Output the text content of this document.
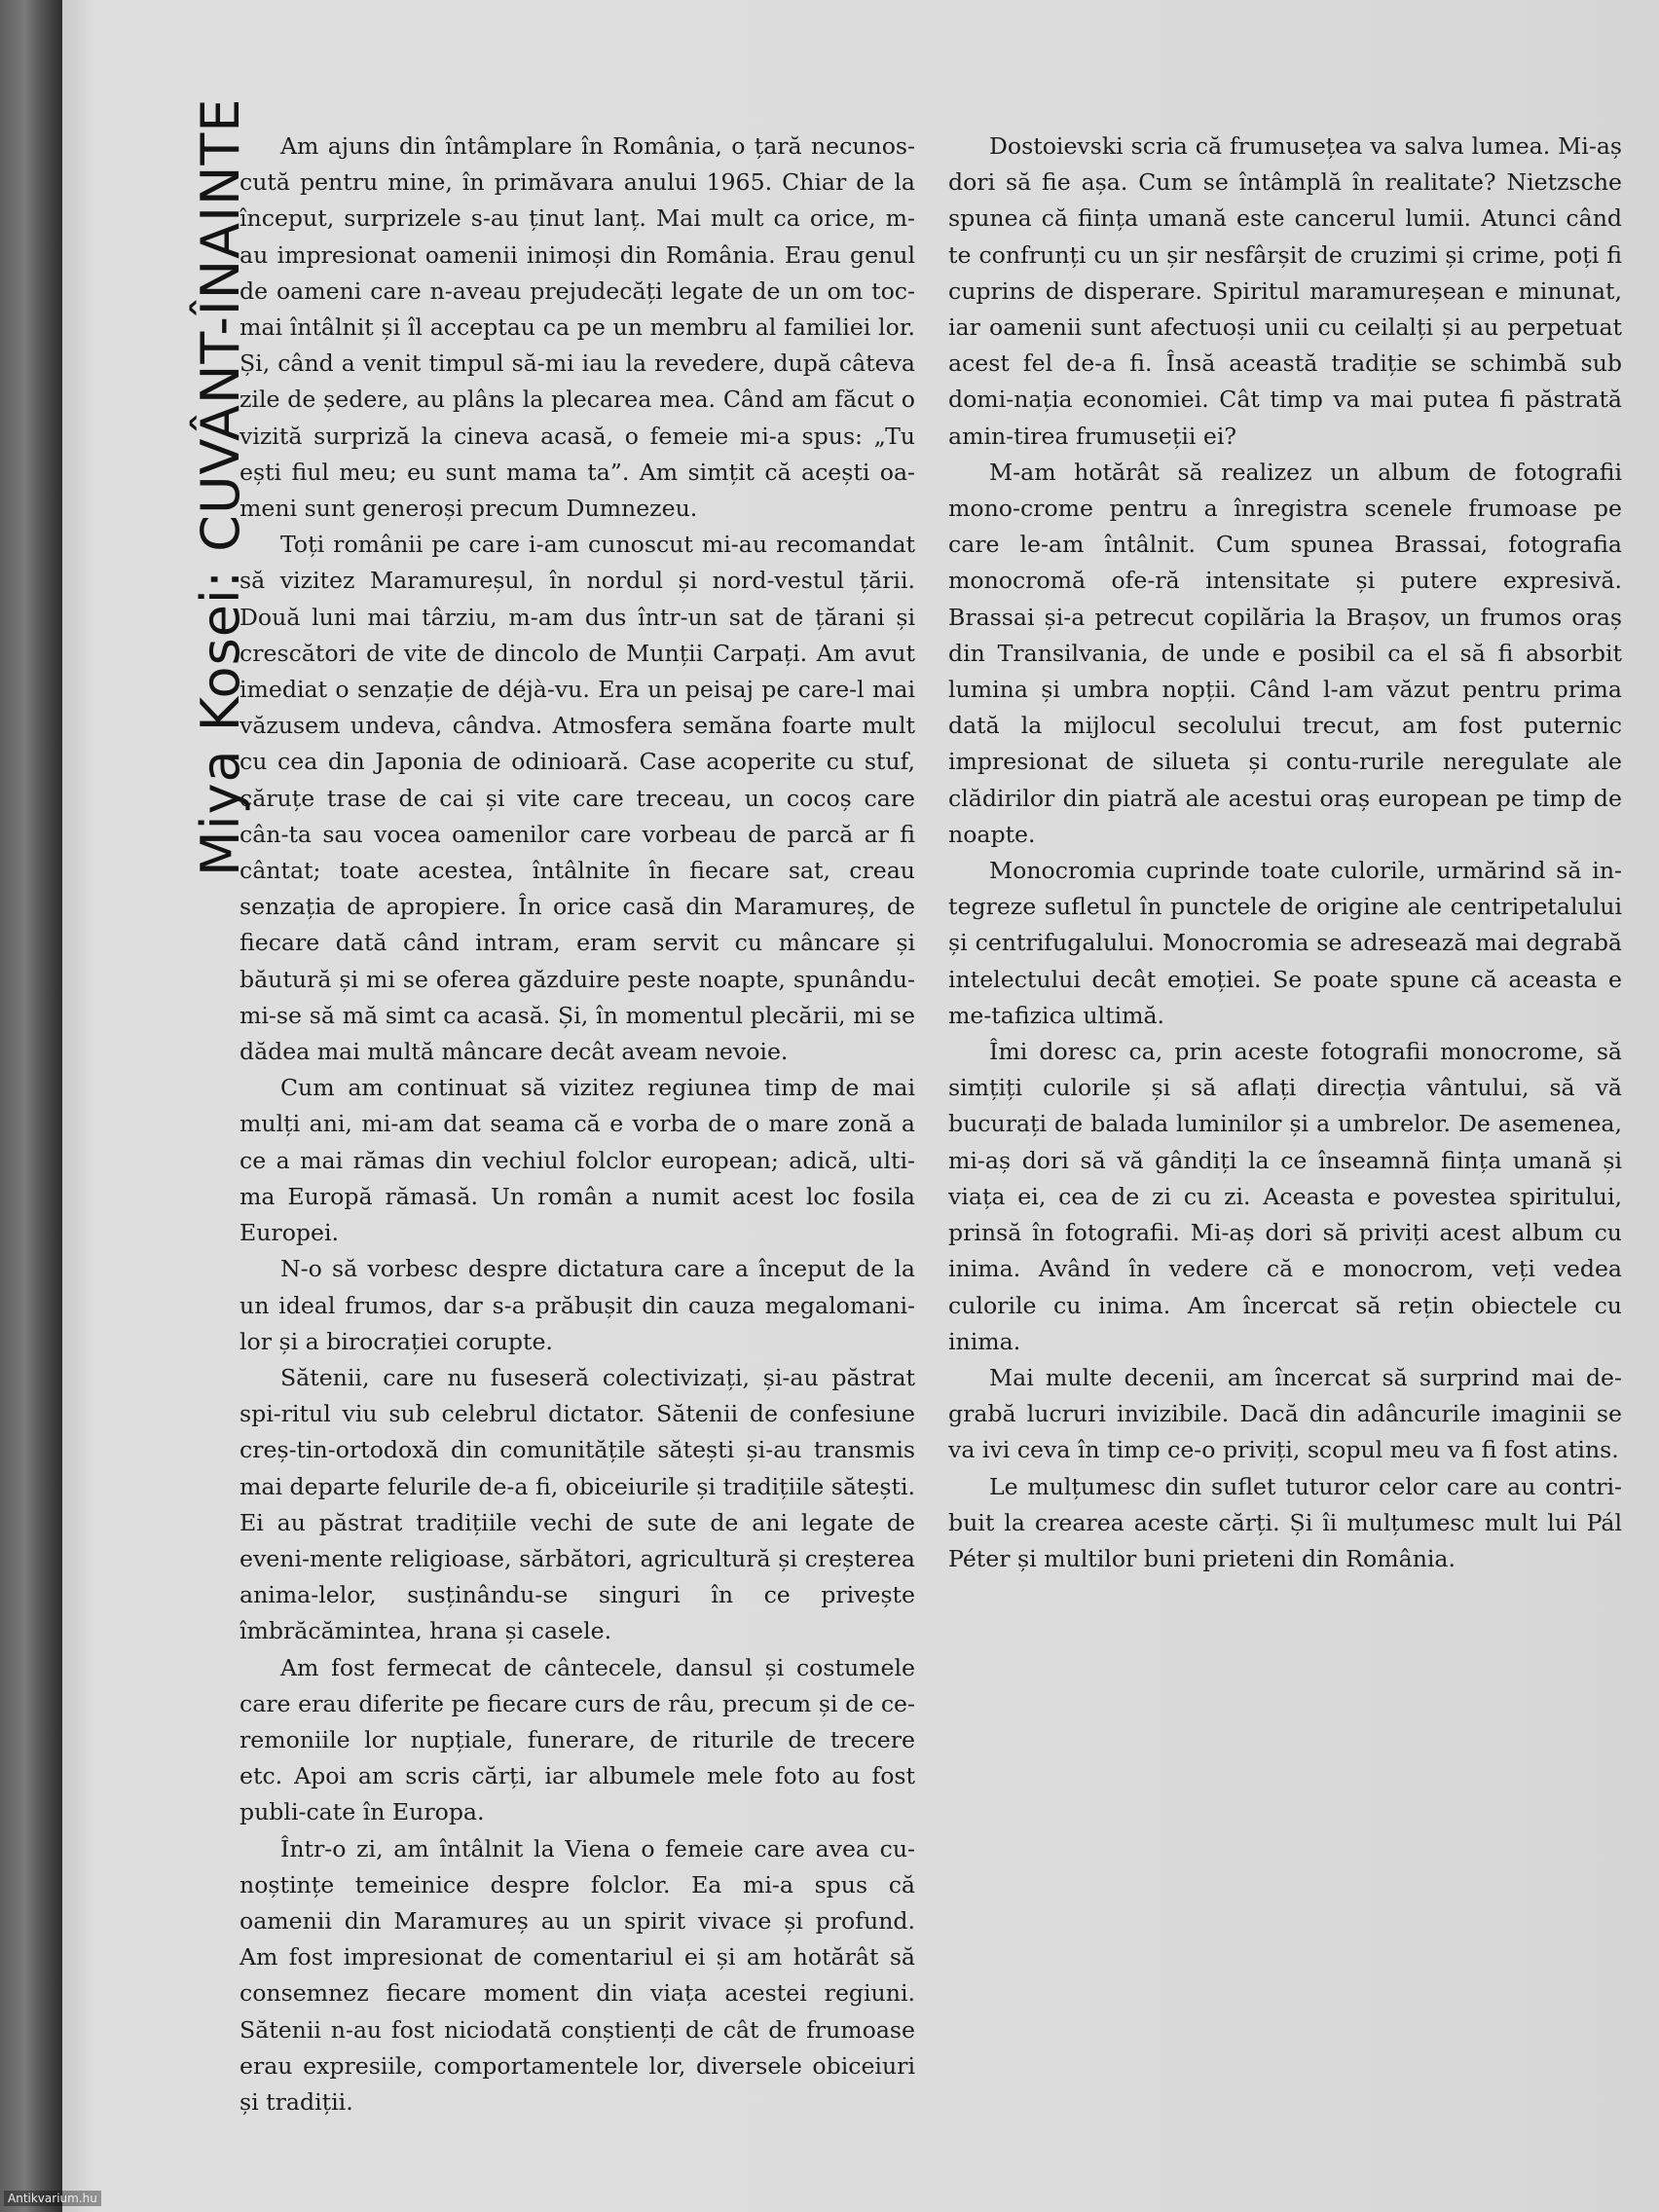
Miya Kosei: CUVÂNT-ÎNAINTE	Am ajuns din întâmplare în România, o țară necunos-cută pentru mine, în primăvara anului 1965. Chiar de la început, surprizele s-au ținut lanț. Mai mult ca orice, m-au impresionat oamenii inimoși din România. Erau genul de oameni care n-aveau prejudecăți legate de un om toc-mai întâlnit și îl acceptau ca pe un membru al familiei lor. Și, când a venit timpul să-mi iau la revedere, după câteva zile de ședere, au plâns la plecarea mea. Când am făcut o vizită surpriză la cineva acasă, o femeie mi-a spus: „Tu ești fiul meu; eu sunt mama ta”. Am simțit că acești oa-meni sunt generoși precum Dumnezeu.

Toți românii pe care i-am cunoscut mi-au recomandat să vizitez Maramureșul, în nordul și nord-vestul țării. Două luni mai târziu, m-am dus într-un sat de țărani și crescători de vite de dincolo de Munții Carpați. Am avut imediat o senzație de déjà-vu. Era un peisaj pe care-l mai văzusem undeva, cândva. Atmosfera semăna foarte mult cu cea din Japonia de odinioară. Case acoperite cu stuf, căruțe trase de cai și vite care treceau, un cocoș care cân-ta sau vocea oamenilor care vorbeau de parcă ar fi cântat; toate acestea, întâlnite în fiecare sat, creau senzația de apropiere. În orice casă din Maramureș, de fiecare dată când intram, eram servit cu mâncare și băutură și mi se oferea găzduire peste noapte, spunându-mi-se să mă simt ca acasă. Și, în momentul plecării, mi se dădea mai multă mâncare decât aveam nevoie.

Cum am continuat să vizitez regiunea timp de mai mulți ani, mi-am dat seama că e vorba de o mare zonă a ce a mai rămas din vechiul folclor european; adică, ulti-ma Europă rămasă. Un român a numit acest loc fosila Europei.

N-o să vorbesc despre dictatura care a început de la un ideal frumos, dar s-a prăbușit din cauza megalomani-lor și a birocrației corupte.

Sătenii, care nu fuseseră colectivizați, și-au păstrat spi-ritul viu sub celebrul dictator. Sătenii de confesiune creș-tin-ortodoxă din comunitățile sătești și-au transmis mai departe felurile de-a fi, obiceiurile și tradițiile sătești. Ei au păstrat tradițiile vechi de sute de ani legate de eveni-mente religioase, sărbători, agricultură și creșterea anima-lelor, susținându-se singuri în ce privește îmbrăcămintea, hrana și casele.

Am fost fermecat de cântecele, dansul și costumele care erau diferite pe fiecare curs de râu, precum și de ce-remoniile lor nupțiale, funerare, de riturile de trecere etc. Apoi am scris cărți, iar albumele mele foto au fost publi-cate în Europa.

Într-o zi, am întâlnit la Viena o femeie care avea cu-noștințe temeinice despre folclor. Ea mi-a spus că oamenii din Maramureș au un spirit vivace și profund. Am fost impresionat de comentariul ei și am hotărât să consemnez fiecare moment din viața acestei regiuni. Sătenii n-au fost niciodată conștienți de cât de frumoase erau expresiile, comportamentele lor, diversele obiceiuri și tradiții.

Dostoievski scria că frumusețea va salva lumea. Mi-aș dori să fie așa. Cum se întâmplă în realitate? Nietzsche spunea că ființa umană este cancerul lumii. Atunci când te confrunți cu un șir nesfârșit de cruzimi și crime, poți fi cuprins de disperare. Spiritul maramureșean e minunat, iar oamenii sunt afectuoși unii cu ceilalți și au perpetuat acest fel de-a fi. Însă această tradiție se schimbă sub domi-nația economiei. Cât timp va mai putea fi păstrată amin-tirea frumuseții ei?

M-am hotărât să realizez un album de fotografii mono-crome pentru a înregistra scenele frumoase pe care le-am întâlnit. Cum spunea Brassai, fotografia monocromă ofe-ră intensitate și putere expresivă. Brassai și-a petrecut copilăria la Brașov, un frumos oraș din Transilvania, de unde e posibil ca el să fi absorbit lumina și umbra nopții. Când l-am văzut pentru prima dată la mijlocul secolului trecut, am fost puternic impresionat de silueta și contu-rurile neregulate ale clădirilor din piatră ale acestui oraș european pe timp de noapte.

Monocromia cuprinde toate culorile, urmărind să in-tegreze sufletul în punctele de origine ale centripetalului și centrifugalului. Monocromia se adresează mai degrabă intelectului decât emoției. Se poate spune că aceasta e me-tafizica ultimă.

Îmi doresc ca, prin aceste fotografii monocrome, să simțiți culorile și să aflați direcția vântului, să vă bucurați de balada luminilor și a umbrelor. De asemenea, mi-aș dori să vă gândiți la ce înseamnă ființa umană și viața ei, cea de zi cu zi. Aceasta e povestea spiritului, prinsă în fotografii. Mi-aș dori să priviți acest album cu inima. Având în vedere că e monocrom, veți vedea culorile cu inima. Am încercat să rețin obiectele cu inima.

Mai multe decenii, am încercat să surprind mai de-grabă lucruri invizibile. Dacă din adâncurile imaginii se va ivi ceva în timp ce-o priviți, scopul meu va fi fost atins.

Le mulțumesc din suflet tuturor celor care au contri-buit la crearea aceste cărți. Și îi mulțumesc mult lui Pál Péter și multilor buni prieteni din România.

Antikvarium.hu
